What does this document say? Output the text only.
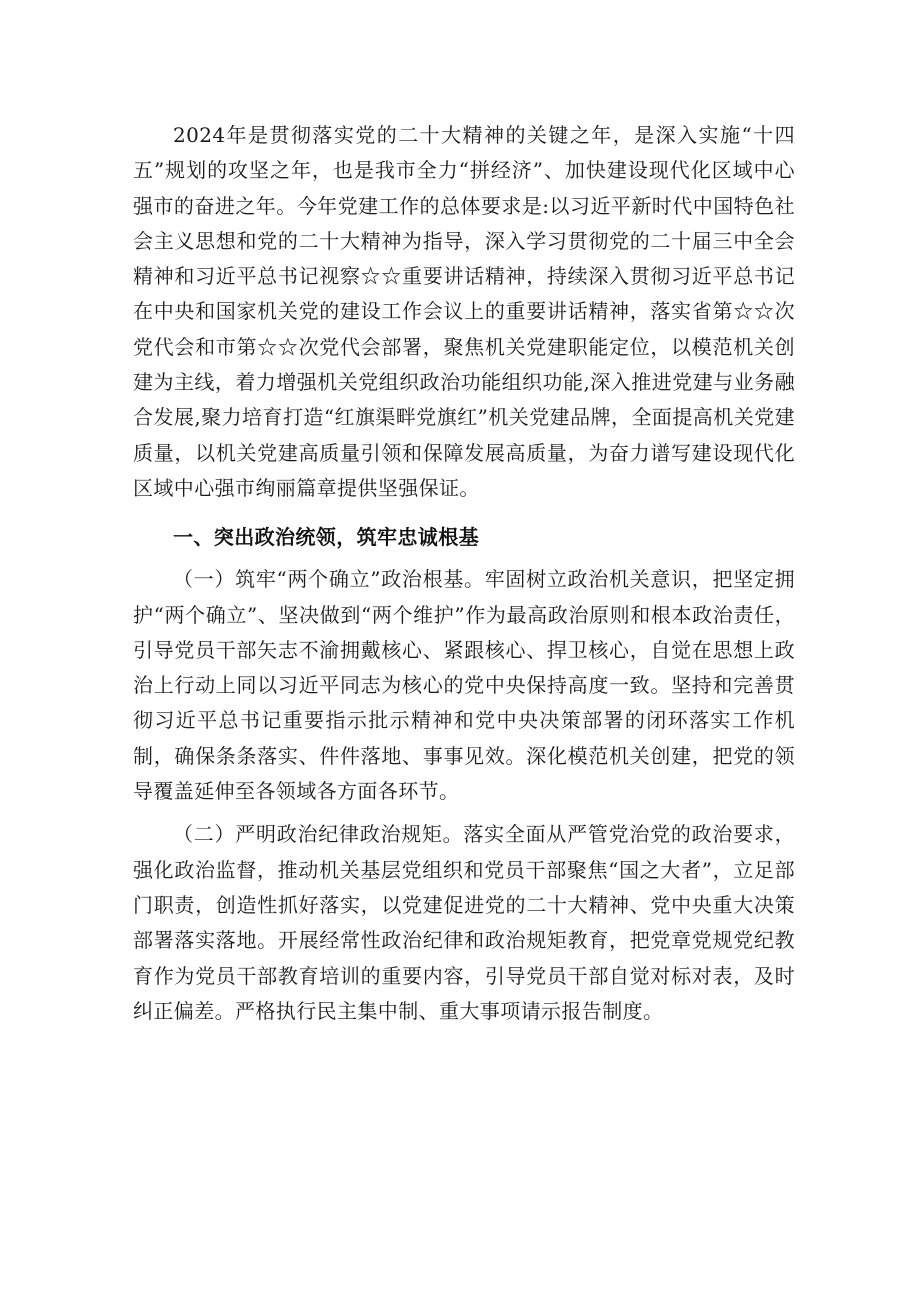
2024年是贯彻落实党的二十大精神的关键之年，是深入实施“十四五”规划的攻坚之年，也是我市全力“拼经济”、加快建设现代化区域中心强市的奋进之年。今年党建工作的总体要求是:以习近平新时代中国特色社会主义思想和党的二十大精神为指导，深入学习贯彻党的二十届三中全会精神和习近平总书记视察☆☆重要讲话精神，持续深入贯彻习近平总书记在中央和国家机关党的建设工作会议上的重要讲话精神，落实省第☆☆次党代会和市第☆☆次党代会部署，聚焦机关党建职能定位，以模范机关创建为主线，着力增强机关党组织政治功能组织功能,深入推进党建与业务融合发展,聚力培育打造“红旗渠畔党旗红”机关党建品牌，全面提高机关党建质量，以机关党建高质量引领和保障发展高质量，为奋力谱写建设现代化区域中心强市绚丽篇章提供坚强保证。

一、突出政治统领，筑牢忠诚根基

（一）筑牢“两个确立”政治根基。牢固树立政治机关意识，把坚定拥护“两个确立”、坚决做到“两个维护”作为最高政治原则和根本政治责任，引导党员干部矢志不渝拥戴核心、紧跟核心、捍卫核心，自觉在思想上政治上行动上同以习近平同志为核心的党中央保持高度一致。坚持和完善贯彻习近平总书记重要指示批示精神和党中央决策部署的闭环落实工作机制，确保条条落实、件件落地、事事见效。深化模范机关创建，把党的领导覆盖延伸至各领域各方面各环节。

（二）严明政治纪律政治规矩。落实全面从严管党治党的政治要求，强化政治监督，推动机关基层党组织和党员干部聚焦“国之大者”，立足部门职责，创造性抓好落实，以党建促进党的二十大精神、党中央重大决策部署落实落地。开展经常性政治纪律和政治规矩教育，把党章党规党纪教育作为党员干部教育培训的重要内容，引导党员干部自觉对标对表，及时纠正偏差。严格执行民主集中制、重大事项请示报告制度。
